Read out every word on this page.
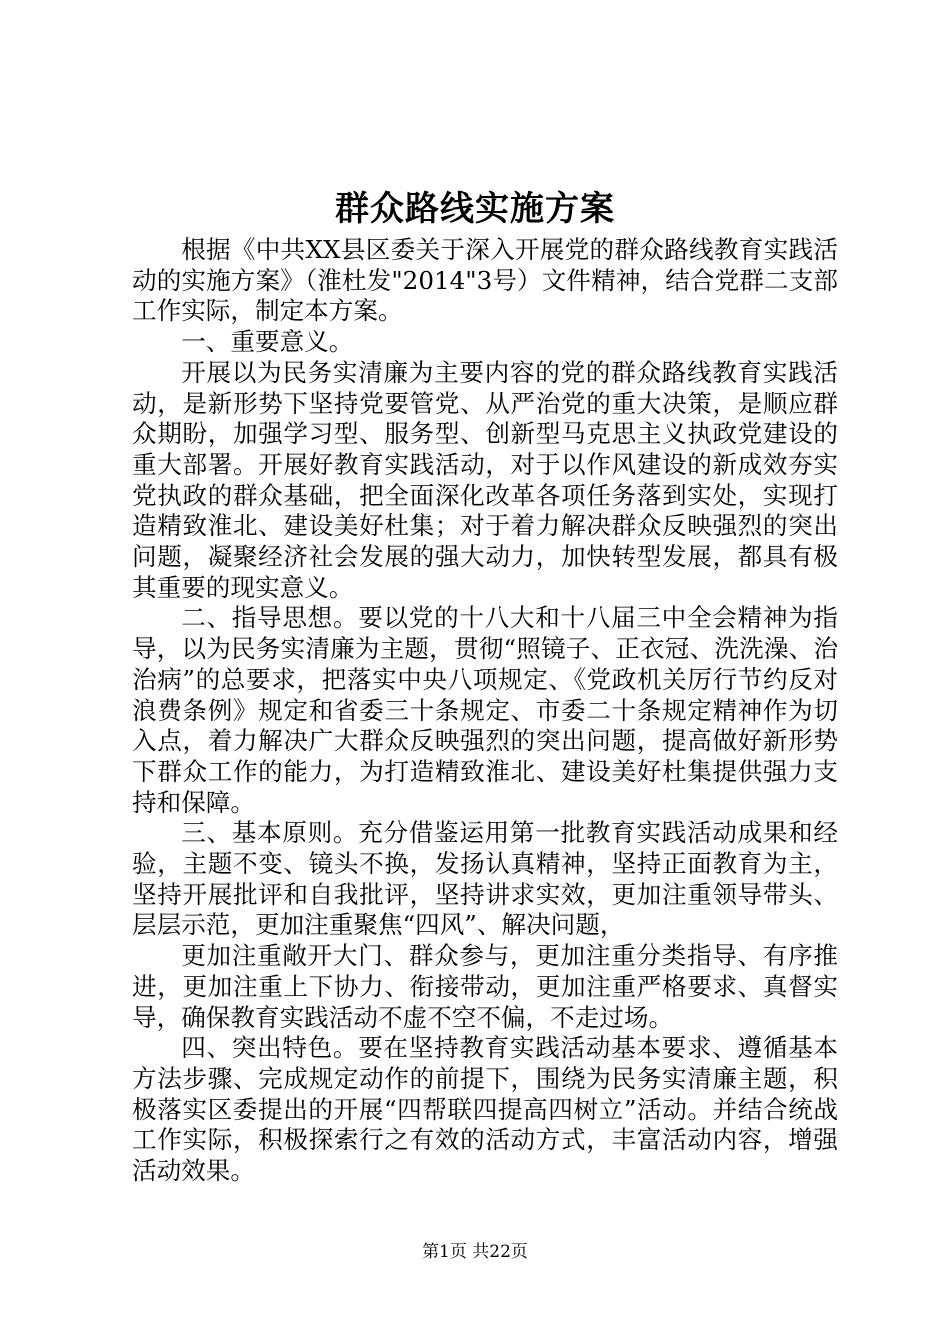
群众路线实施方案

根据《中共XX县区委关于深入开展党的群众路线教育实践活动的实施方案》（淮杜发"2014"3号）文件精神，结合党群二支部工作实际，制定本方案。

一、重要意义。

开展以为民务实清廉为主要内容的党的群众路线教育实践活动，是新形势下坚持党要管党、从严治党的重大决策，是顺应群众期盼，加强学习型、服务型、创新型马克思主义执政党建设的重大部署。开展好教育实践活动，对于以作风建设的新成效夯实党执政的群众基础，把全面深化改革各项任务落到实处，实现打造精致淮北、建设美好杜集；对于着力解决群众反映强烈的突出问题，凝聚经济社会发展的强大动力，加快转型发展，都具有极其重要的现实意义。

二、指导思想。要以党的十八大和十八届三中全会精神为指导，以为民务实清廉为主题，贯彻“照镜子、正衣冠、洗洗澡、治治病”的总要求，把落实中央八项规定、《党政机关厉行节约反对浪费条例》规定和省委三十条规定、市委二十条规定精神作为切入点，着力解决广大群众反映强烈的突出问题，提高做好新形势下群众工作的能力，为打造精致淮北、建设美好杜集提供强力支持和保障。

三、基本原则。充分借鉴运用第一批教育实践活动成果和经验，主题不变、镜头不换，发扬认真精神，坚持正面教育为主，坚持开展批评和自我批评，坚持讲求实效，更加注重领导带头、层层示范，更加注重聚焦“四风”、解决问题，

更加注重敞开大门、群众参与，更加注重分类指导、有序推进，更加注重上下协力、衔接带动，更加注重严格要求、真督实导，确保教育实践活动不虚不空不偏，不走过场。

四、突出特色。要在坚持教育实践活动基本要求、遵循基本方法步骤、完成规定动作的前提下，围绕为民务实清廉主题，积极落实区委提出的开展“四帮联四提高四树立”活动。并结合统战工作实际，积极探索行之有效的活动方式，丰富活动内容，增强活动效果。

第1页 共22页
